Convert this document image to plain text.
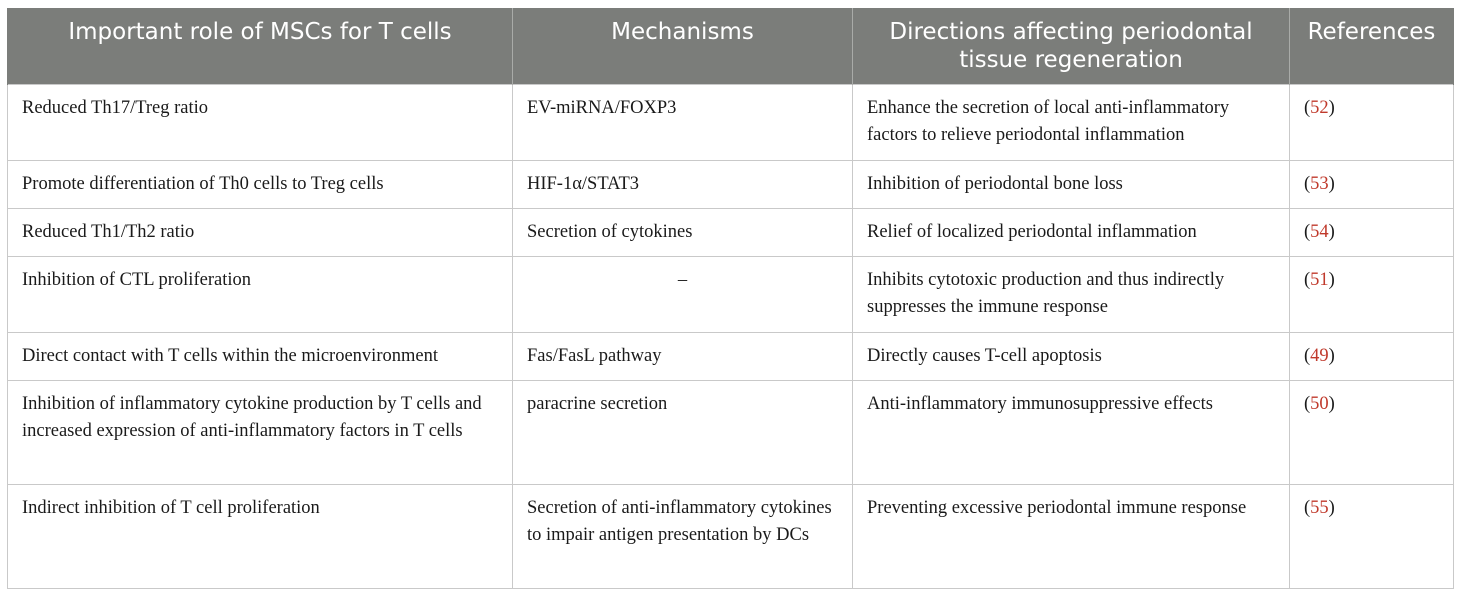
Important role of MSCs for T cells	Mechanisms	Directions affecting periodontal tissue regeneration	References
Reduced Th17/Treg ratio	EV-miRNA/FOXP3	Enhance the secretion of local anti-inflammatory factors to relieve periodontal inflammation	(52)
Promote differentiation of Th0 cells to Treg cells	HIF-1α/STAT3	Inhibition of periodontal bone loss	(53)
Reduced Th1/Th2 ratio	Secretion of cytokines	Relief of localized periodontal inflammation	(54)
Inhibition of CTL proliferation	–	Inhibits cytotoxic production and thus indirectly suppresses the immune response	(51)
Direct contact with T cells within the microenvironment	Fas/FasL pathway	Directly causes T-cell apoptosis	(49)
Inhibition of inflammatory cytokine production by T cells and increased expression of anti-inflammatory factors in T cells	paracrine secretion	Anti-inflammatory immunosuppressive effects	(50)
Indirect inhibition of T cell proliferation	Secretion of anti-inflammatory cytokines to impair antigen presentation by DCs	Preventing excessive periodontal immune response	(55)
